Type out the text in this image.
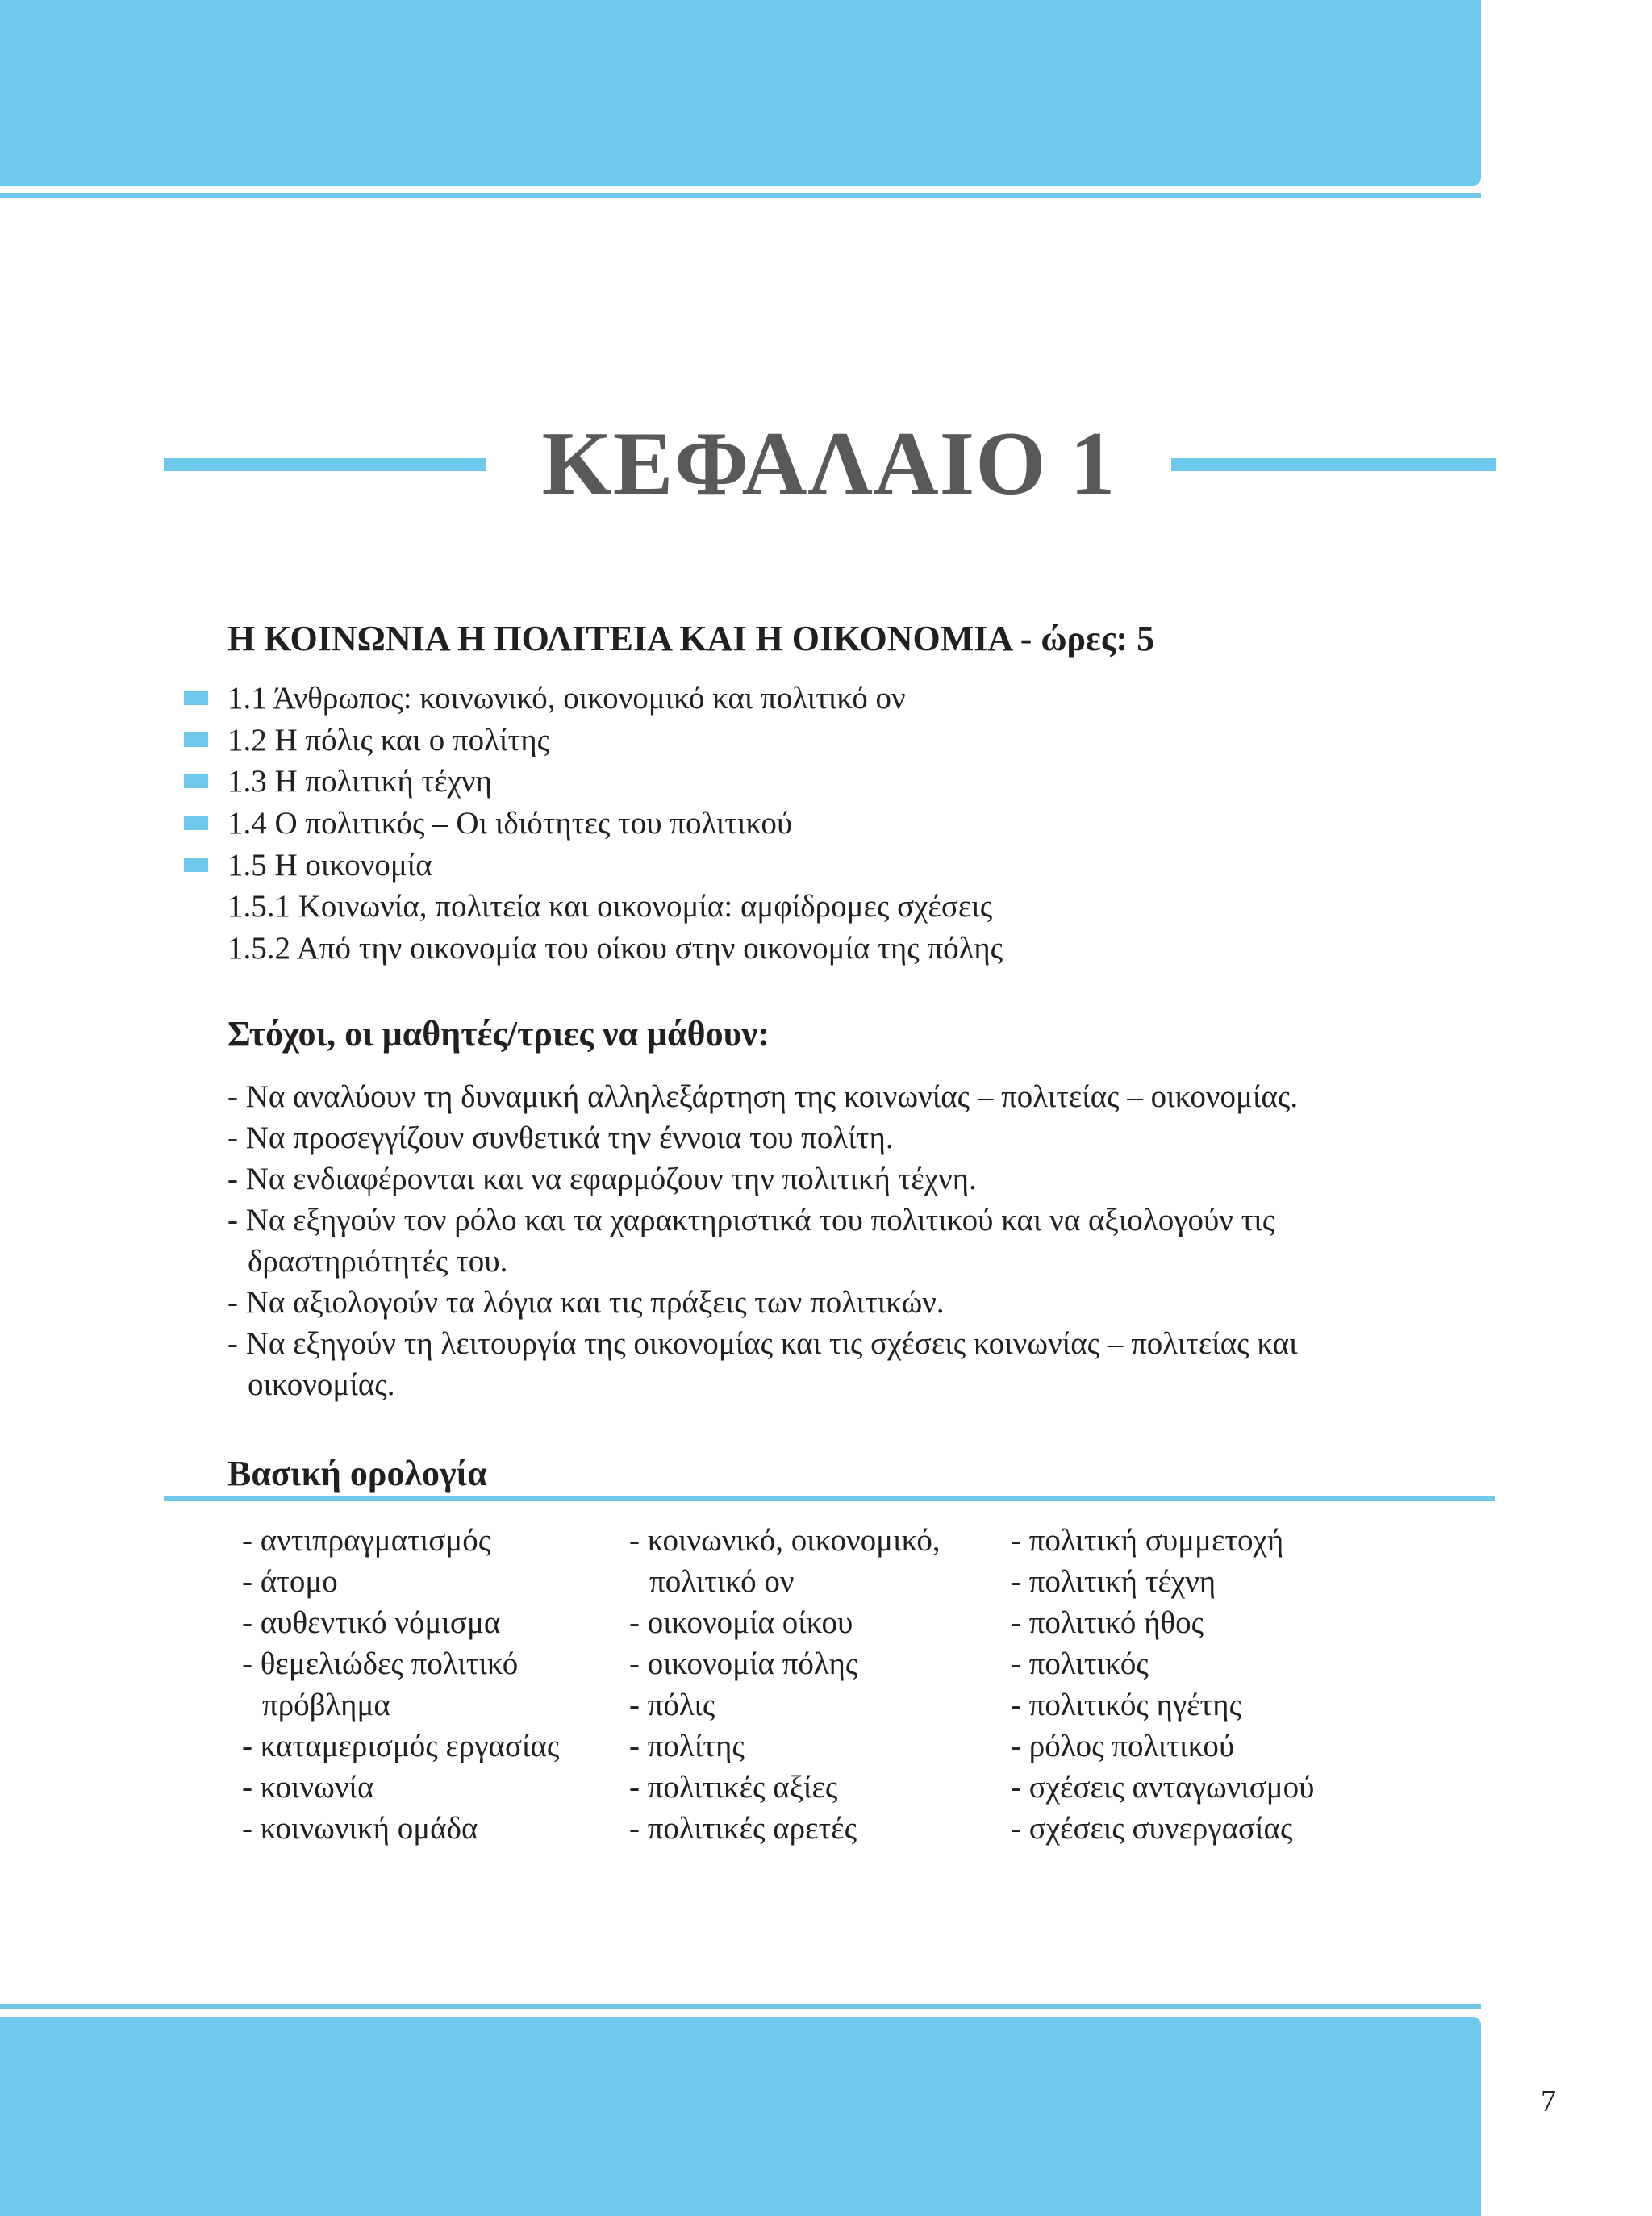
ΚΕΦΑΛΑΙΟ 1
Η ΚΟΙΝΩΝΙΑ Η ΠΟΛΙΤΕΙΑ ΚΑΙ Η ΟΙΚΟΝΟΜΙΑ - ώρες: 5
1.1 Άνθρωπος: κοινωνικό, οικονομικό και πολιτικό ον
1.2 Η πόλις και ο πολίτης
1.3 Η πολιτική τέχνη
1.4 Ο πολιτικός – Οι ιδιότητες του πολιτικού
1.5 Η οικονομία
1.5.1 Κοινωνία, πολιτεία και οικονομία: αμφίδρομες σχέσεις
1.5.2 Από την οικονομία του οίκου στην οικονομία της πόλης
Στόχοι, οι μαθητές/τριες να μάθουν:
- Να αναλύουν τη δυναμική αλληλεξάρτηση της κοινωνίας – πολιτείας – οικονομίας.
- Να προσεγγίζουν συνθετικά την έννοια του πολίτη.
- Να ενδιαφέρονται και να εφαρμόζουν την πολιτική τέχνη.
- Να εξηγούν τον ρόλο και τα χαρακτηριστικά του πολιτικού και να αξιολογούν τις δραστηριότητές του.
- Να αξιολογούν τα λόγια και τις πράξεις των πολιτικών.
- Να εξηγούν τη λειτουργία της οικονομίας και τις σχέσεις κοινωνίας – πολιτείας και οικονομίας.
Βασική ορολογία
- αντιπραγματισμός
- άτομο
- αυθεντικό νόμισμα
- θεμελιώδες πολιτικό πρόβλημα
- καταμερισμός εργασίας
- κοινωνία
- κοινωνική ομάδα
- κοινωνικό, οικονομικό, πολιτικό ον
- οικονομία οίκου
- οικονομία πόλης
- πόλις
- πολίτης
- πολιτικές αξίες
- πολιτικές αρετές
- πολιτική συμμετοχή
- πολιτική τέχνη
- πολιτικό ήθος
- πολιτικός
- πολιτικός ηγέτης
- ρόλος πολιτικού
- σχέσεις ανταγωνισμού
- σχέσεις συνεργασίας
7
